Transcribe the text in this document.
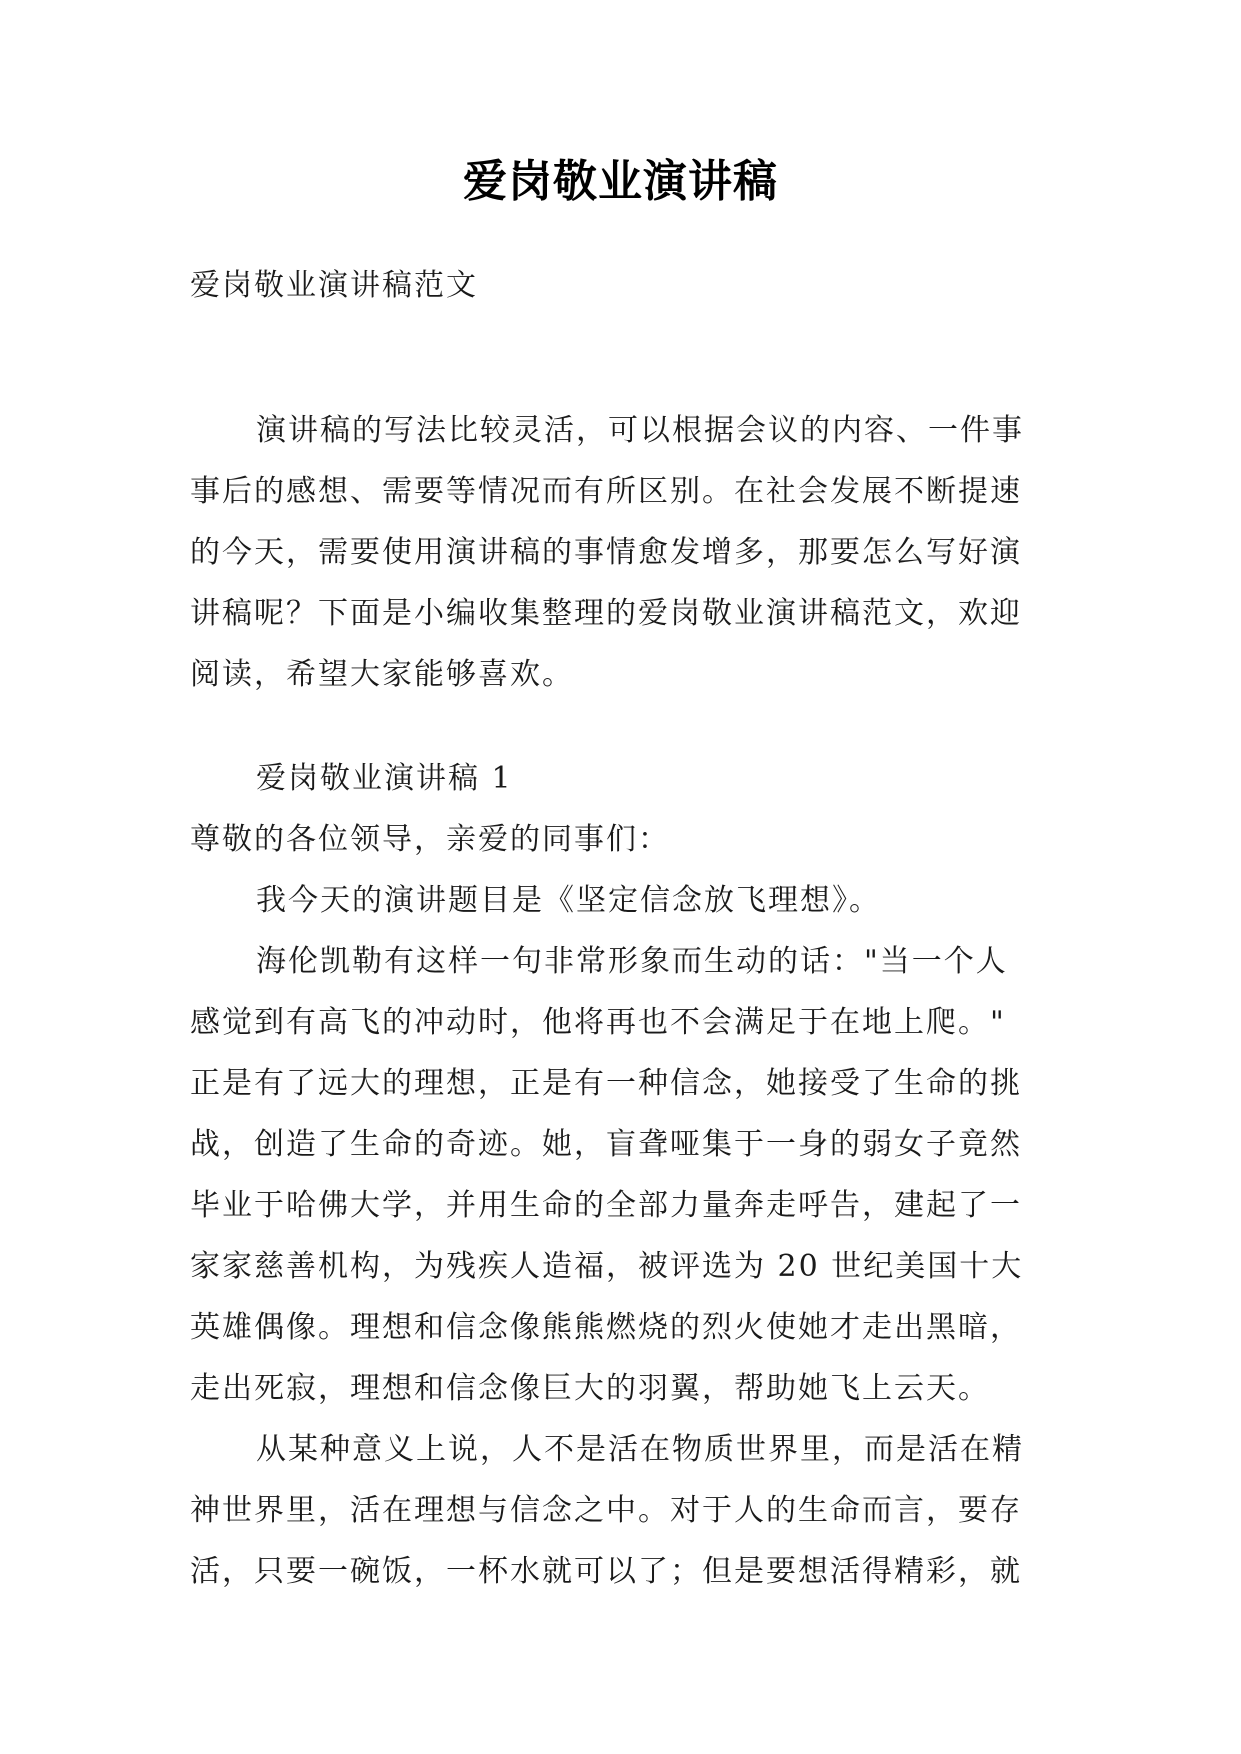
爱岗敬业演讲稿
爱岗敬业演讲稿范文
演讲稿的写法比较灵活，可以根据会议的内容、一件事
事后的感想、需要等情况而有所区别。在社会发展不断提速
的今天，需要使用演讲稿的事情愈发增多，那要怎么写好演
讲稿呢？下面是小编收集整理的爱岗敬业演讲稿范文，欢迎
阅读，希望大家能够喜欢。
爱岗敬业演讲稿 1
尊敬的各位领导，亲爱的同事们：
我今天的演讲题目是《坚定信念放飞理想》。
海伦凯勒有这样一句非常形象而生动的话："当一个人
感觉到有高飞的冲动时，他将再也不会满足于在地上爬。"
正是有了远大的理想，正是有一种信念，她接受了生命的挑
战，创造了生命的奇迹。她，盲聋哑集于一身的弱女子竟然
毕业于哈佛大学，并用生命的全部力量奔走呼告，建起了一
家家慈善机构，为残疾人造福，被评选为 20 世纪美国十大
英雄偶像。理想和信念像熊熊燃烧的烈火使她才走出黑暗，
走出死寂，理想和信念像巨大的羽翼，帮助她飞上云天。
从某种意义上说，人不是活在物质世界里，而是活在精
神世界里，活在理想与信念之中。对于人的生命而言，要存
活，只要一碗饭，一杯水就可以了；但是要想活得精彩，就
